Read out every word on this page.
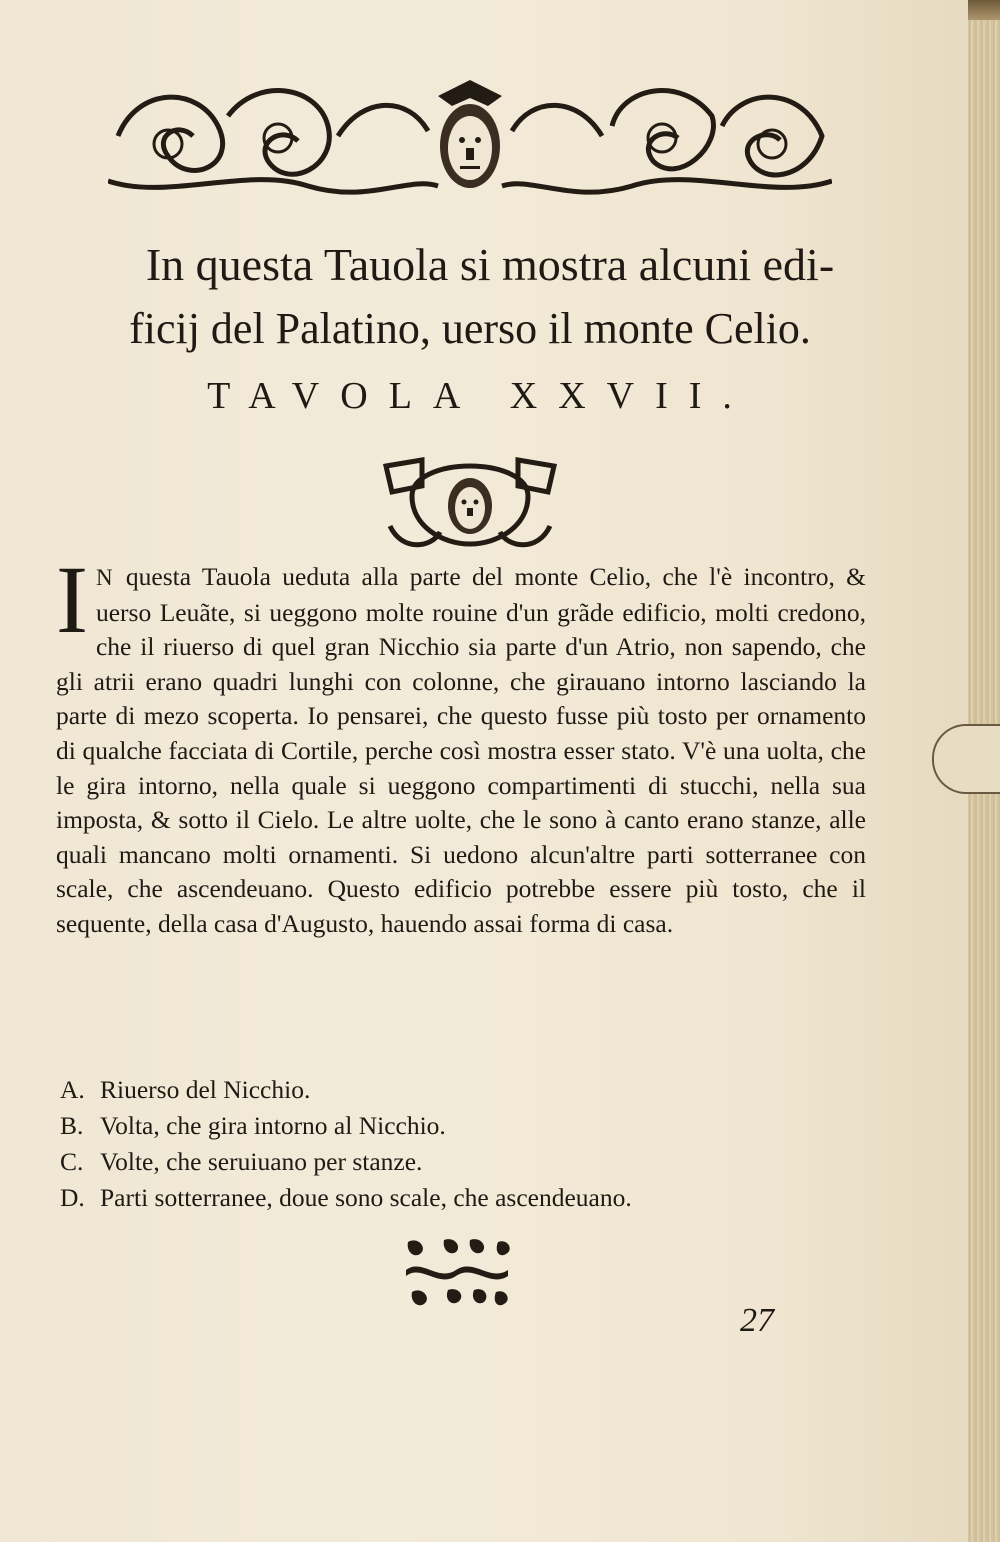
In questa Tauola si mostra alcuni edi-
ficij del Palatino, uerso il monte Celio.
TAVOLA XXVII.
I N questa Tauola ueduta alla parte del monte Celio, che l'è incontro, & uerso Leuãte, si ueggono molte rouine d'un grãde edificio, molti credono, che il riuerso di quel gran Nicchio sia parte d'un Atrio, non sapendo, che gli atrii erano quadri lunghi con colonne, che girauano intorno lasciando la parte di mezo scoperta. Io pensarei, che questo fusse più tosto per ornamento di qualche facciata di Cortile, perche così mostra esser stato. V'è una uolta, che le gira intorno, nella quale si ueggono compartimenti di stucchi, nella sua imposta, & sotto il Cielo. Le altre uolte, che le sono à canto erano stanze, alle quali mancano molti ornamenti. Si uedono alcun'altre parti sotterranee con scale, che ascendeuano. Questo edificio potrebbe essere più tosto, che il sequente, della casa d'Augusto, hauendo assai forma di casa.
A. Riuerso del Nicchio.
B. Volta, che gira intorno al Nicchio.
C. Volte, che seruiuano per stanze.
D. Parti sotterranee, doue sono scale, che ascendeuano.
27
